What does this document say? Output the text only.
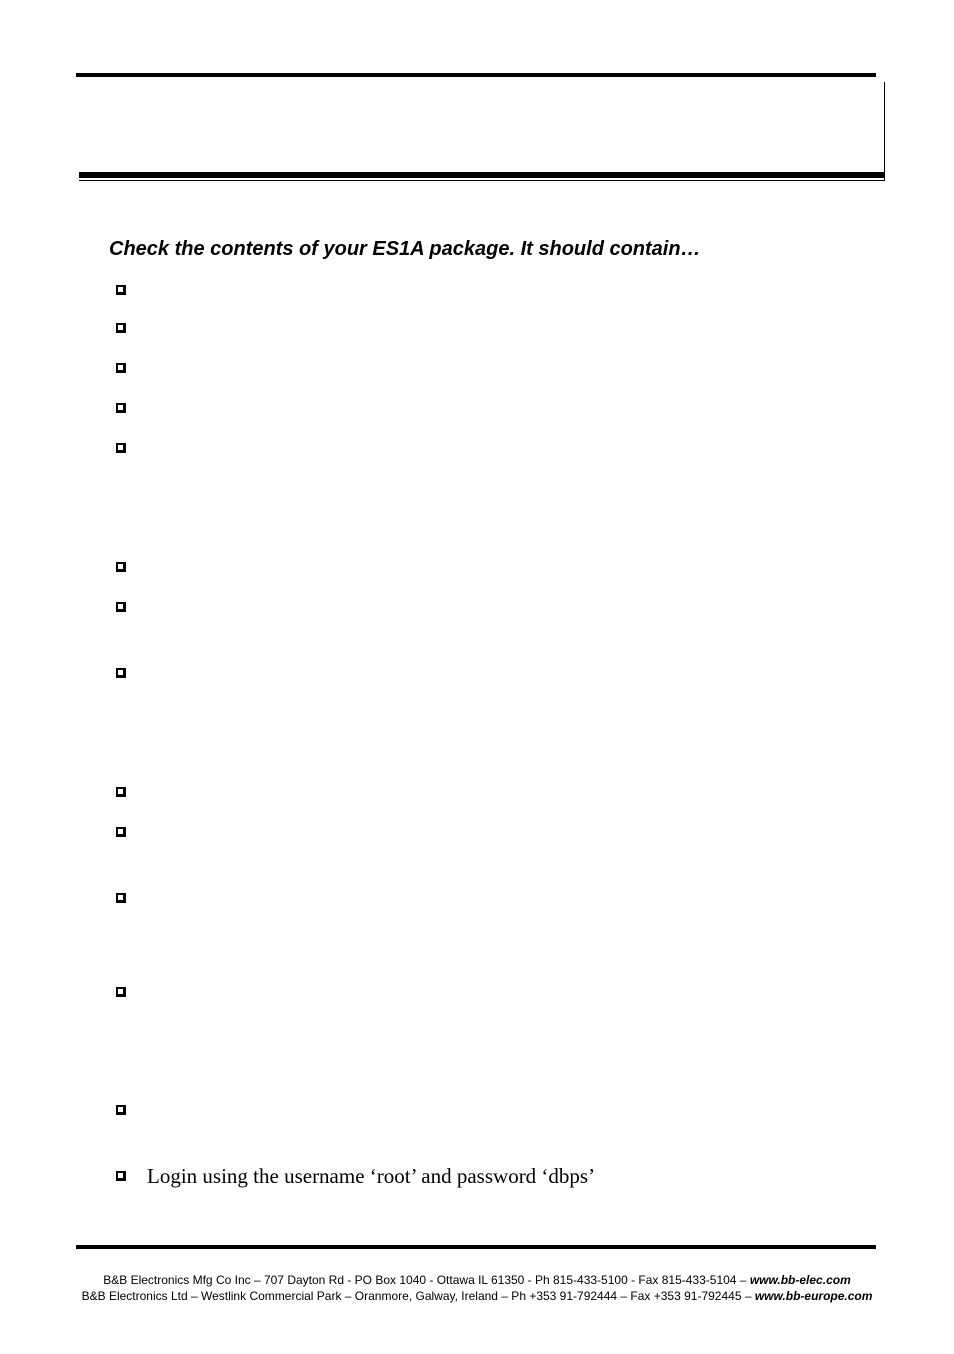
Check the contents of your ES1A package. It should contain…
Login using the username ‘root’ and password ‘dbps’
B&B Electronics Mfg Co Inc – 707 Dayton Rd - PO Box 1040 - Ottawa IL 61350 - Ph 815-433-5100 - Fax 815-433-5104 – www.bb-elec.com
B&B Electronics Ltd – Westlink Commercial Park – Oranmore, Galway, Ireland – Ph +353 91-792444 – Fax +353 91-792445 – www.bb-europe.com
